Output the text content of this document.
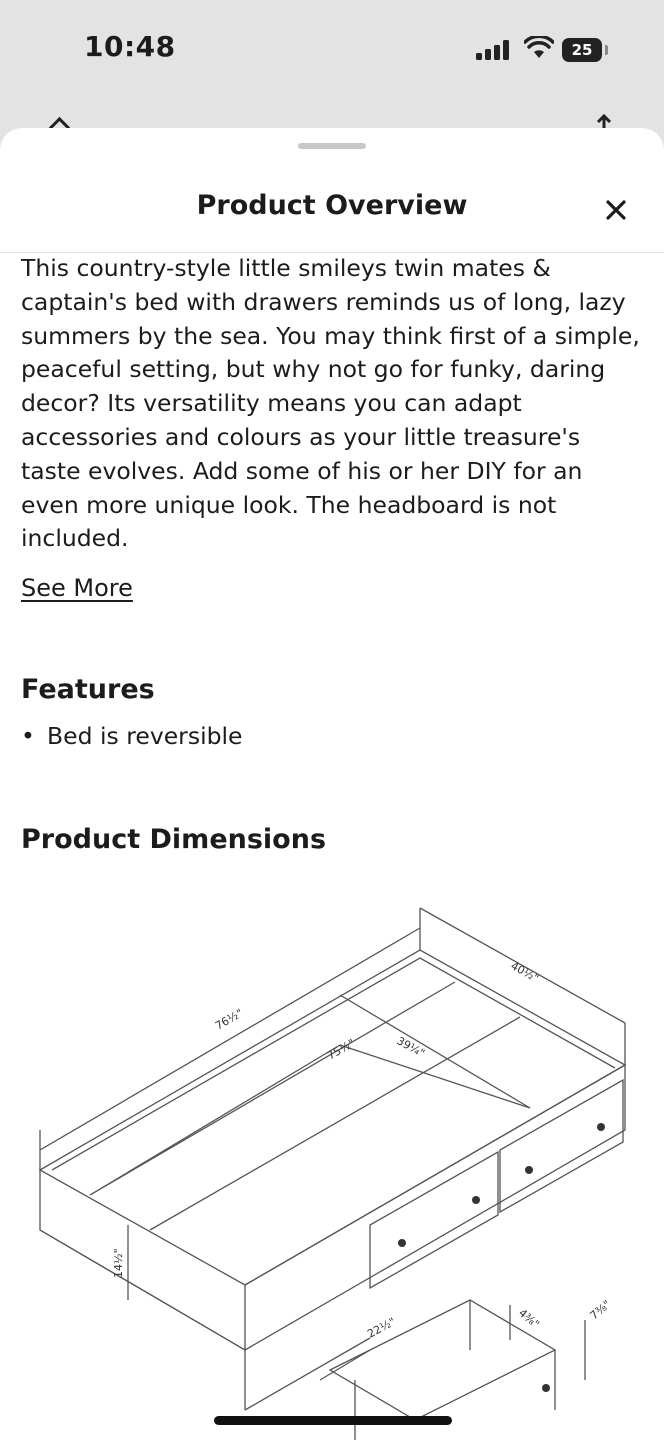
10:48	25
Product Overview

This country-style little smileys twin mates & captain's bed with drawers reminds us of long, lazy summers by the sea. You may think first of a simple, peaceful setting, but why not go for funky, daring decor? Its versatility means you can adapt accessories and colours as your little treasure's taste evolves. Add some of his or her DIY for an even more unique look. The headboard is not included.

See More
Features
• Bed is reversible
Product Dimensions
76½"
40½"
75½"	39¼"
14½"
22½"	4⅜"	7⅜"
